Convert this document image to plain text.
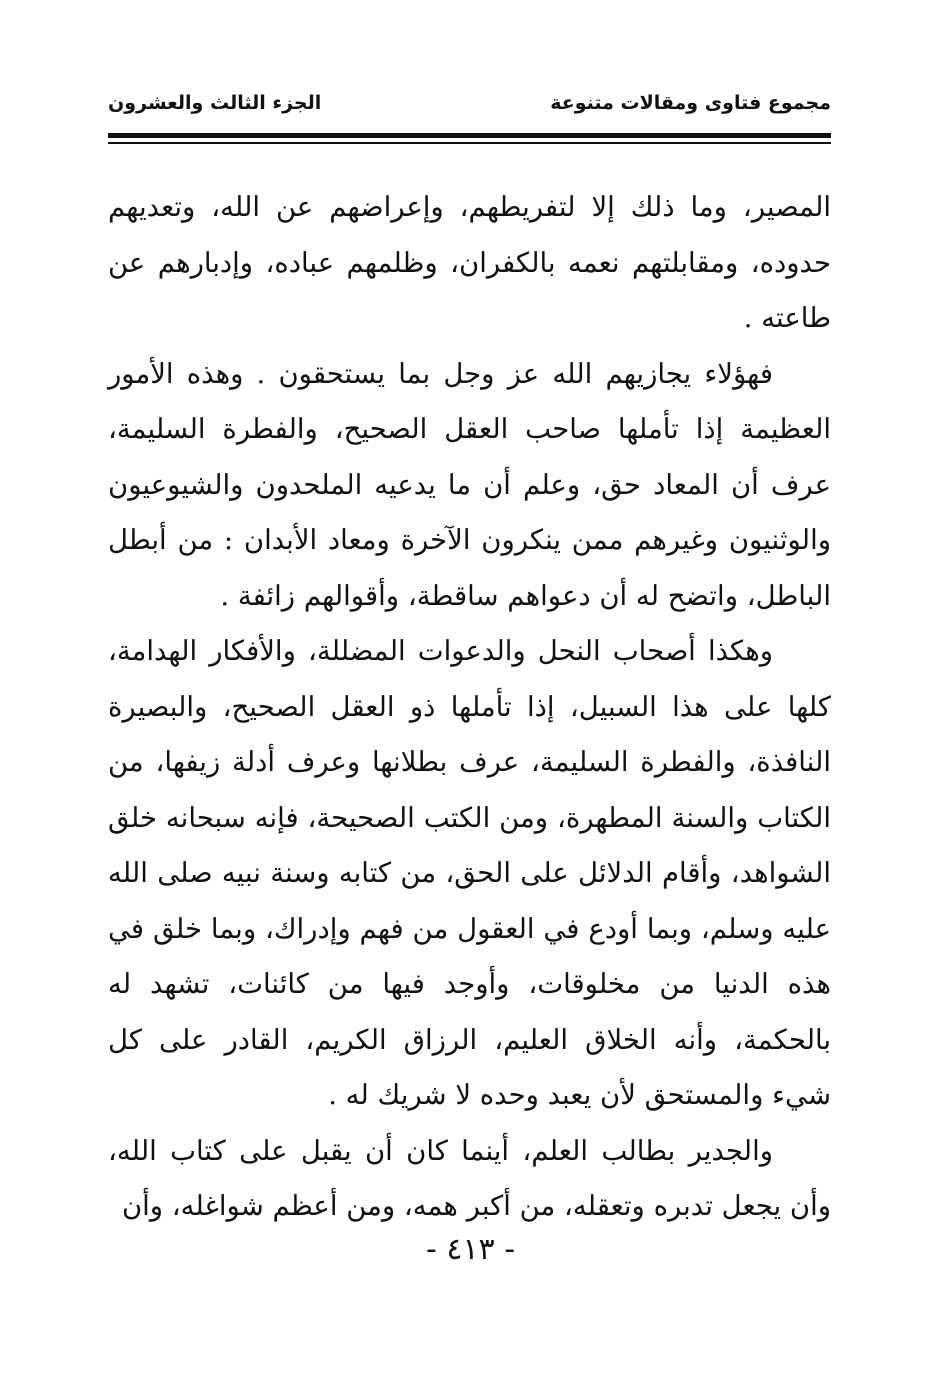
مجموع فتاوى ومقالات متنوعة
الجزء الثالث والعشرون

المصير، وما ذلك إلا لتفريطهم، وإعراضهم عن الله، وتعديهم حدوده، ومقابلتهم نعمه بالكفران، وظلمهم عباده، وإدبارهم عن طاعته .

فهؤلاء يجازيهم الله عز وجل بما يستحقون . وهذه الأمور العظيمة إذا تأملها صاحب العقل الصحيح، والفطرة السليمة، عرف أن المعاد حق، وعلم أن ما يدعيه الملحدون والشيوعيون والوثنيون وغيرهم ممن ينكرون الآخرة ومعاد الأبدان : من أبطل الباطل، واتضح له أن دعواهم ساقطة، وأقوالهم زائفة .

وهكذا أصحاب النحل والدعوات المضللة، والأفكار الهدامة، كلها على هذا السبيل، إذا تأملها ذو العقل الصحيح، والبصيرة النافذة، والفطرة السليمة، عرف بطلانها وعرف أدلة زيفها، من الكتاب والسنة المطهرة، ومن الكتب الصحيحة، فإنه سبحانه خلق الشواهد، وأقام الدلائل على الحق، من كتابه وسنة نبيه صلى الله عليه وسلم، وبما أودع في العقول من فهم وإدراك، وبما خلق في هذه الدنيا من مخلوقات، وأوجد فيها من كائنات، تشهد له بالحكمة، وأنه الخلاق العليم، الرزاق الكريم، القادر على كل شيء والمستحق لأن يعبد وحده لا شريك له .

والجدير بطالب العلم، أينما كان أن يقبل على كتاب الله، وأن يجعل تدبره وتعقله، من أكبر همه، ومن أعظم شواغله، وأن

- ٤١٣ -
